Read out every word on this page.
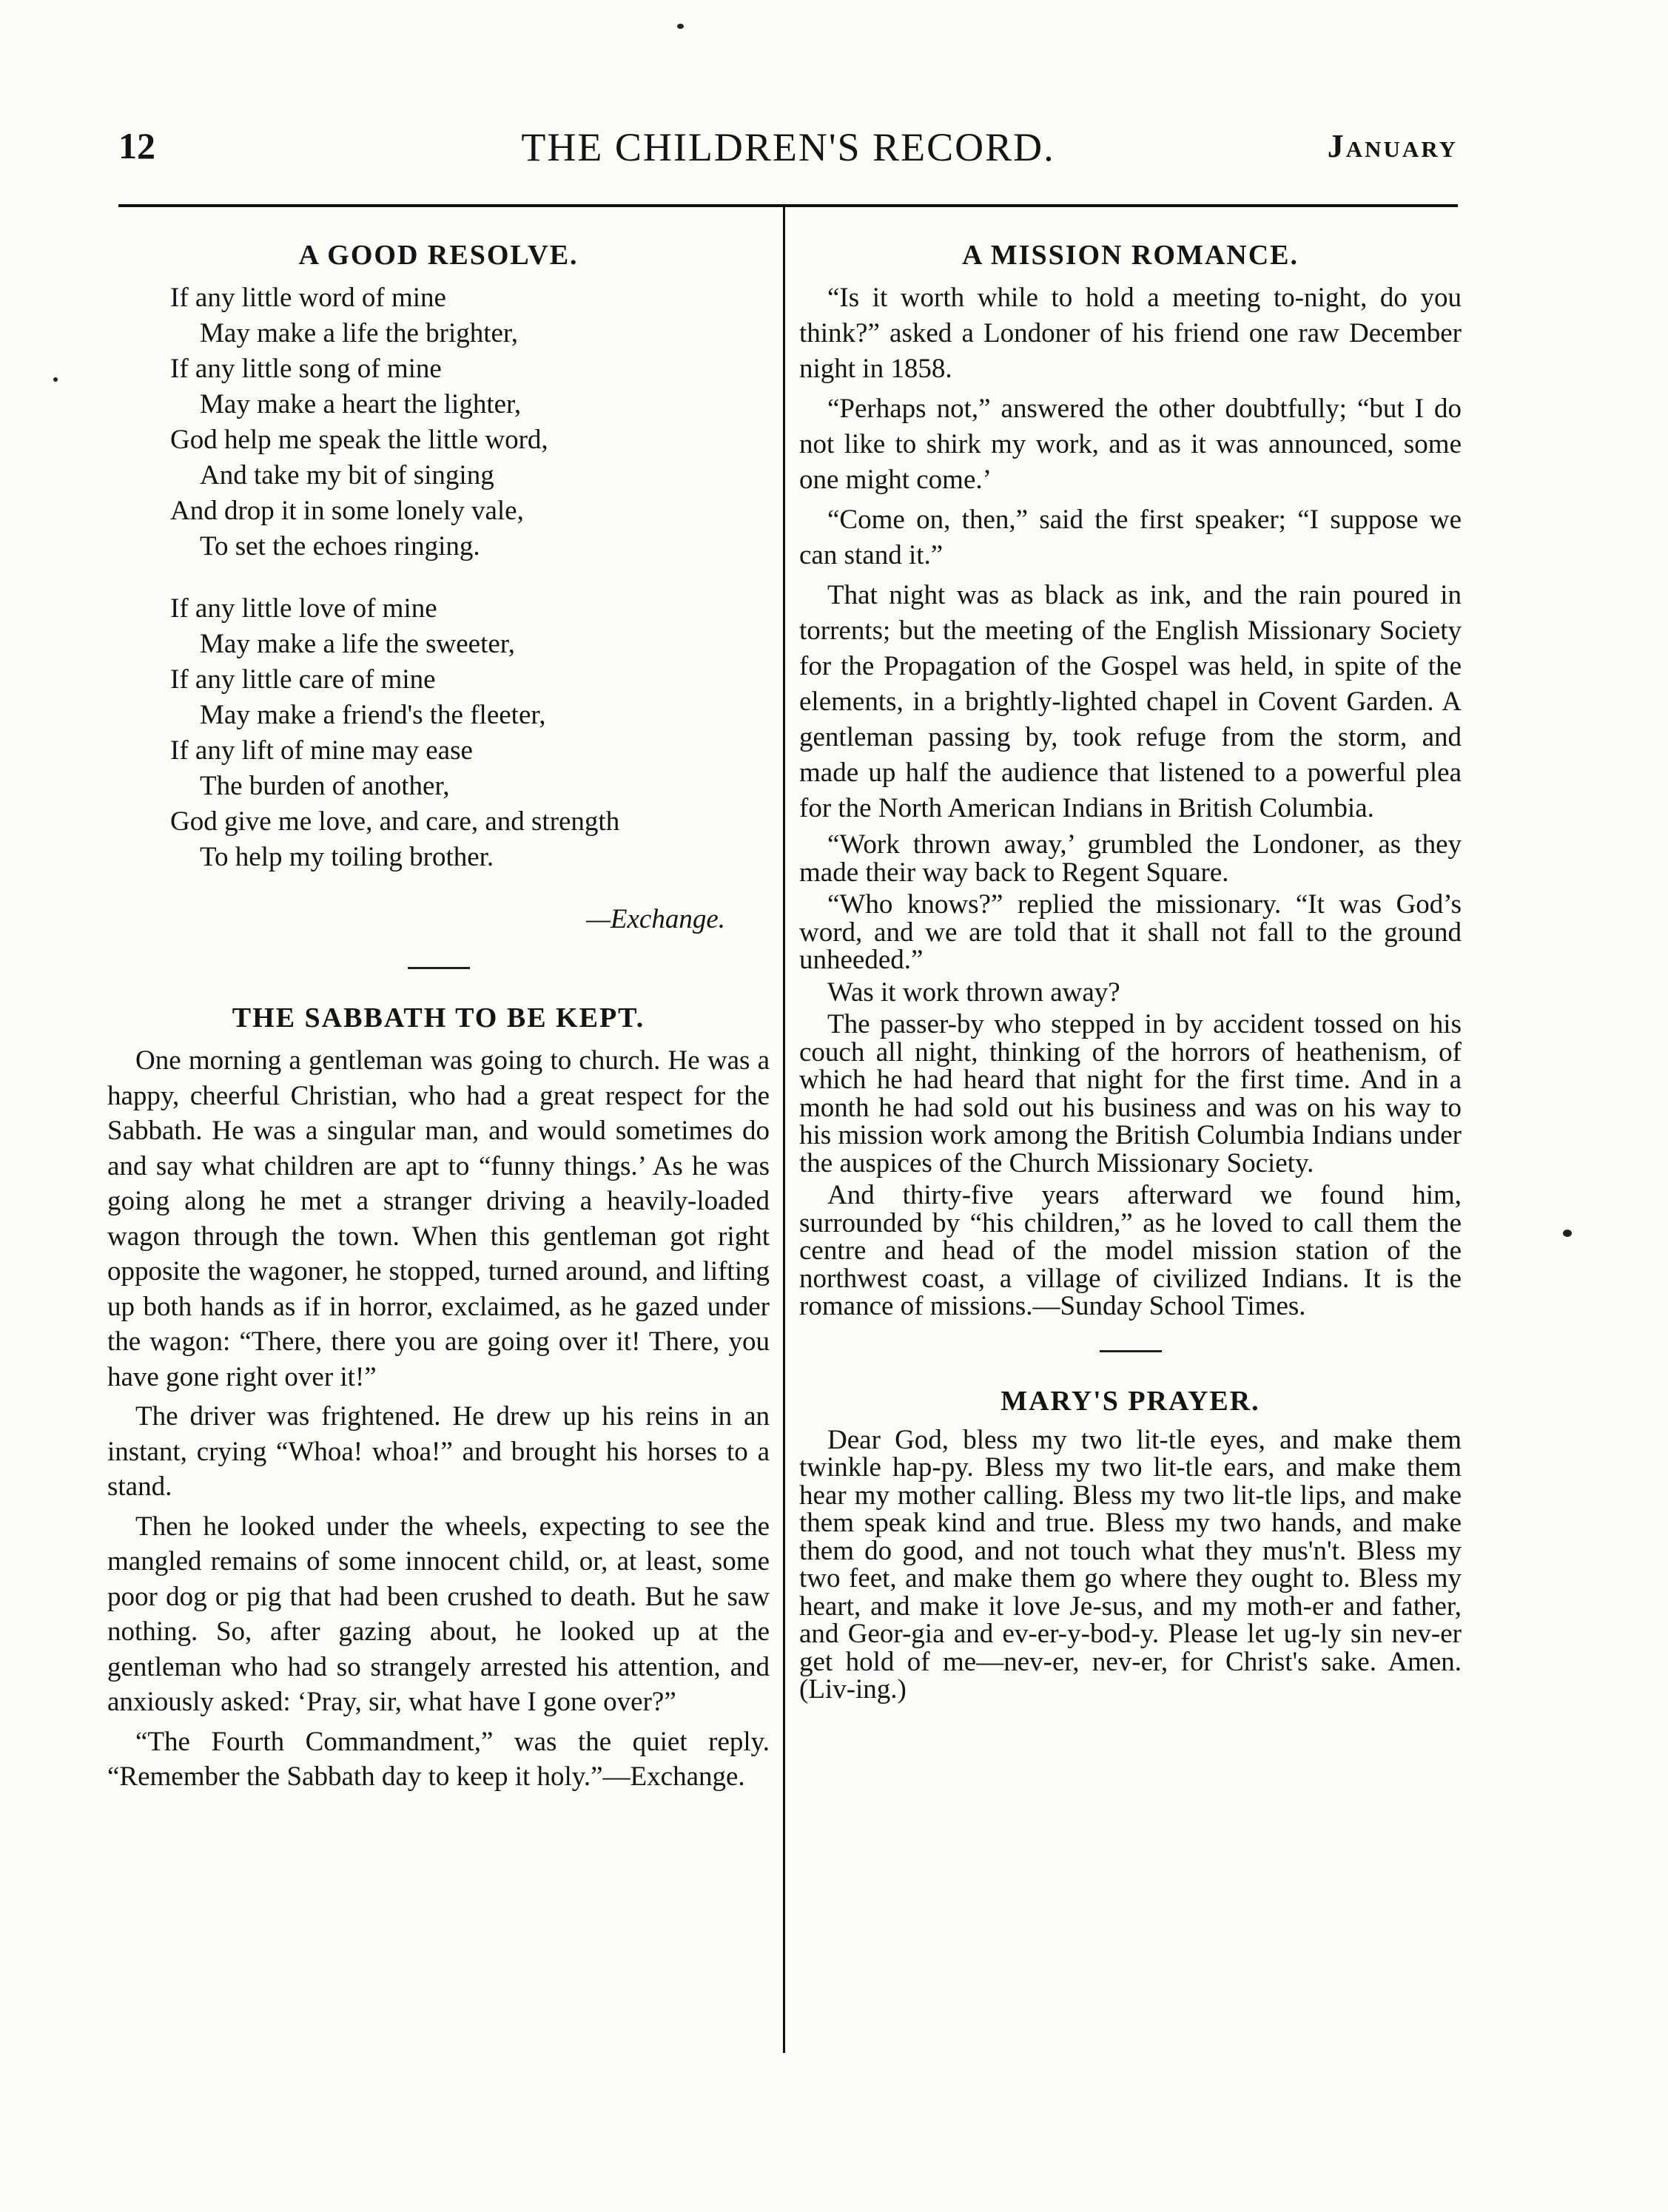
12	THE CHILDREN'S RECORD.	January
A GOOD RESOLVE.
If any little word of mine
May make a life the brighter,
If any little song of mine
May make a heart the lighter,
God help me speak the little word,
And take my bit of singing
And drop it in some lonely vale,
To set the echoes ringing.
If any little love of mine
May make a life the sweeter,
If any little care of mine
May make a friend's the fleeter,
If any lift of mine may ease
The burden of another,
God give me love, and care, and strength
To help my toiling brother.
—Exchange.
THE SABBATH TO BE KEPT.

One morning a gentleman was going to church. He was a happy, cheerful Christian, who had a great respect for the Sabbath. He was a singular man, and would sometimes do and say what children are apt to “funny things.’ As he was going along he met a stranger driving a heavily-loaded wagon through the town. When this gentleman got right opposite the wagoner, he stopped, turned around, and lifting up both hands as if in horror, exclaimed, as he gazed under the wagon: “There, there you are going over it! There, you have gone right over it!”

The driver was frightened. He drew up his reins in an instant, crying “Whoa! whoa!” and brought his horses to a stand.

Then he looked under the wheels, expecting to see the mangled remains of some innocent child, or, at least, some poor dog or pig that had been crushed to death. But he saw nothing. So, after gazing about, he looked up at the gentleman who had so strangely arrested his attention, and anxiously asked: ‘Pray, sir, what have I gone over?”

“The Fourth Commandment,” was the quiet reply. “Remember the Sabbath day to keep it holy.”—Exchange.

A MISSION ROMANCE.

“Is it worth while to hold a meeting to-night, do you think?” asked a Londoner of his friend one raw December night in 1858.

“Perhaps not,” answered the other doubtfully; “but I do not like to shirk my work, and as it was announced, some one might come.’

“Come on, then,” said the first speaker; “I suppose we can stand it.”

That night was as black as ink, and the rain poured in torrents; but the meeting of the English Missionary Society for the Propagation of the Gospel was held, in spite of the elements, in a brightly-lighted chapel in Covent Garden. A gentleman passing by, took refuge from the storm, and made up half the audience that listened to a powerful plea for the North American Indians in British Columbia.

“Work thrown away,’ grumbled the Londoner, as they made their way back to Regent Square.

“Who knows?” replied the missionary. “It was God’s word, and we are told that it shall not fall to the ground unheeded.”

Was it work thrown away?

The passer-by who stepped in by accident tossed on his couch all night, thinking of the horrors of heathenism, of which he had heard that night for the first time. And in a month he had sold out his business and was on his way to his mission work among the British Columbia Indians under the auspices of the Church Missionary Society.

And thirty-five years afterward we found him, surrounded by “his children,” as he loved to call them the centre and head of the model mission station of the northwest coast, a village of civilized Indians. It is the romance of missions.—Sunday School Times.

MARY'S PRAYER.

Dear God, bless my two lit-tle eyes, and make them twinkle hap-py. Bless my two lit-tle ears, and make them hear my mother calling. Bless my two lit-tle lips, and make them speak kind and true. Bless my two hands, and make them do good, and not touch what they mus'n't. Bless my two feet, and make them go where they ought to. Bless my heart, and make it love Je-sus, and my moth-er and father, and Geor-gia and ev-er-y-bod-y. Please let ug-ly sin nev-er get hold of me—nev-er, nev-er, for Christ's sake. Amen. (Liv-ing.)
